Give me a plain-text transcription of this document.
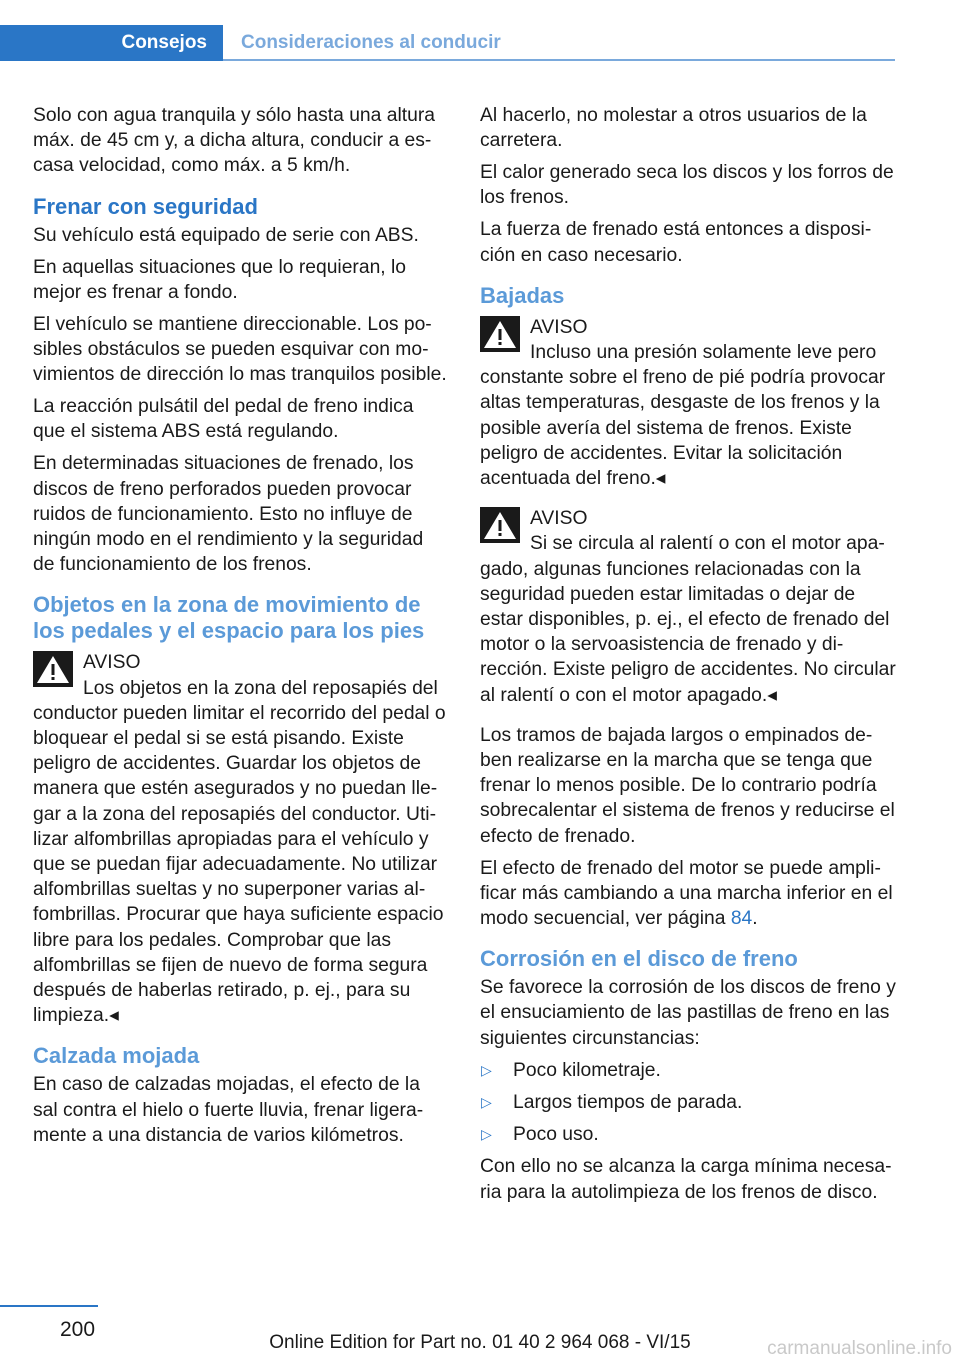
Consejos	Consideraciones al conducir

Solo con agua tranquila y sólo hasta una altura máx. de 45 cm y, a dicha altura, conducir a escasa velocidad, como máx. a 5 km/h.

Frenar con seguridad

Su vehículo está equipado de serie con ABS.

En aquellas situaciones que lo requieran, lo mejor es frenar a fondo.

El vehículo se mantiene direccionable. Los posibles obstáculos se pueden esquivar con movimientos de dirección lo mas tranquilos posible.

La reacción pulsátil del pedal de freno indica que el sistema ABS está regulando.

En determinadas situaciones de frenado, los discos de freno perforados pueden provocar ruidos de funcionamiento. Esto no influye de ningún modo en el rendimiento y la seguridad de funcionamiento de los frenos.

Objetos en la zona de movimiento de los pedales y el espacio para los pies
AVISO
Los objetos en la zona del reposapiés del conductor pueden limitar el recorrido del pedal o bloquear el pedal si se está pisando. Existe peligro de accidentes. Guardar los objetos de manera que estén asegurados y no puedan llegar a la zona del reposapiés del conductor. Utilizar alfombrillas apropiadas para el vehículo y que se puedan fijar adecuadamente. No utilizar alfombrillas sueltas y no superponer varias alfombrillas. Procurar que haya suficiente espacio libre para los pedales. Comprobar que las alfombrillas se fijen de nuevo de forma segura después de haberlas retirado, p. ej., para su limpieza.◂
Calzada mojada

En caso de calzadas mojadas, el efecto de la sal contra el hielo o fuerte lluvia, frenar ligeramente a una distancia de varios kilómetros.

Al hacerlo, no molestar a otros usuarios de la carretera.

El calor generado seca los discos y los forros de los frenos.

La fuerza de frenado está entonces a disposición en caso necesario.

Bajadas
AVISO
Incluso una presión solamente leve pero constante sobre el freno de pié podría provocar altas temperaturas, desgaste de los frenos y la posible avería del sistema de frenos. Existe peligro de accidentes. Evitar la solicitación acentuada del freno.◂
AVISO
Si se circula al ralentí o con el motor apagado, algunas funciones relacionadas con la seguridad pueden estar limitadas o dejar de estar disponibles, p. ej., el efecto de frenado del motor o la servoasistencia de frenado y dirección. Existe peligro de accidentes. No circular al ralentí o con el motor apagado.◂

Los tramos de bajada largos o empinados deben realizarse en la marcha que se tenga que frenar lo menos posible. De lo contrario podría sobrecalentar el sistema de frenos y reducirse el efecto de frenado.

El efecto de frenado del motor se puede amplificar más cambiando a una marcha inferior en el modo secuencial, ver página 84.

Corrosión en el disco de freno

Se favorece la corrosión de los discos de freno y el ensuciamiento de las pastillas de freno en las siguientes circunstancias:

▷ Poco kilometraje.
▷ Largos tiempos de parada.
▷ Poco uso.

Con ello no se alcanza la carga mínima necesaria para la autolimpieza de los frenos de disco.

200
Online Edition for Part no. 01 40 2 964 068 - VI/15	carmanualsonline.info
